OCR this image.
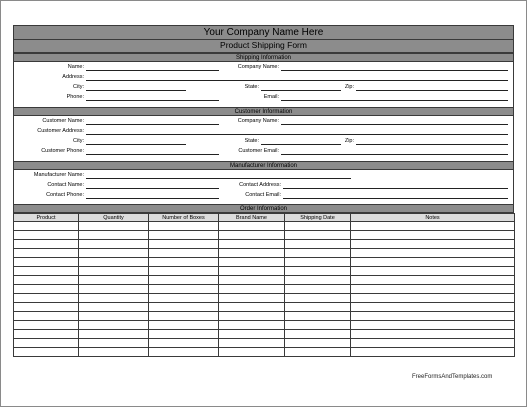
Your Company Name Here
Product Shipping Form
Shipping Information
Name:	Company Name:
Address:
City:	State:	Zip:
Phone:	Email:
Customer Information
Customer Name:	Company Name:
Customer Address:
City:	State:	Zip:
Customer Phone:	Customer Email:
Manufacturer Information
Manufacturer Name:
Contact Name:	Contact Address:
Contact Phone:	Contact Email:
Order Information
Product	Quantity	Number of Boxes	Brand Name	Shipping Date	Notes

FreeFormsAndTemplates.com
